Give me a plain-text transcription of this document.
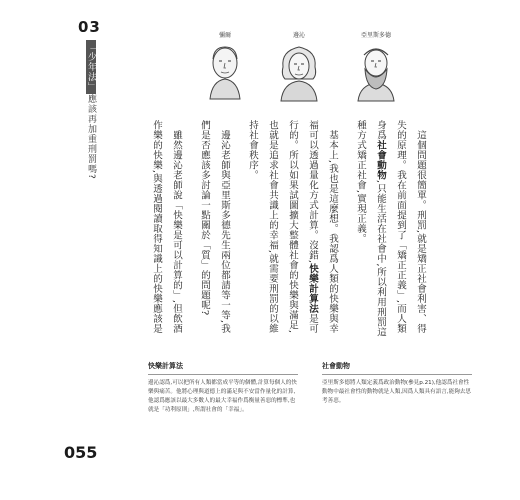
03
「少年法」應該再加重刑罰嗎?
彌爾	邊沁	亞里斯多德

這個問題很簡單。刑罰,就是矯正社會利害、得失的原理。我在前面提到了「矯正正義」,而人類身爲社會動物,只能生活在社會中,所以利用刑罰這種方式矯正社會,實現正義。

基本上,我也是這麼想。我認爲人類的快樂與幸福可以透過量化方式計算。沒錯,快樂計算法是可行的。所以如果試圖擴大整體社會的快樂與滿足,也就是追求社會共識上的幸福,就需要刑罰的以維持社會秩序。

邊沁老師與亞里斯多德先生兩位都請等一等,我們是否應該多討論一點關於「質」的問題呢?

雖然邊沁老師說「快樂是可以計算的」,但飲酒作樂的快樂,與透過閱讀取得知識上的快樂應該是

快樂計算法
邊沁認爲,可以把所有人類都當成平等的個體,計算每個人的快樂與痛苦。他將心理與道德上的滿足與不安當作量化的計算,他認爲應該以最大多數人的最大幸福作爲衡量善惡的標準,也就是「功利原則」,所謂社會的「幸福」。
社會動物
亞里斯多德將人類定義爲政治動物(參見p.21),他認爲社會性動物中最社會性的動物就是人類,因爲人類具有語言,能夠去思考善惡。
055
